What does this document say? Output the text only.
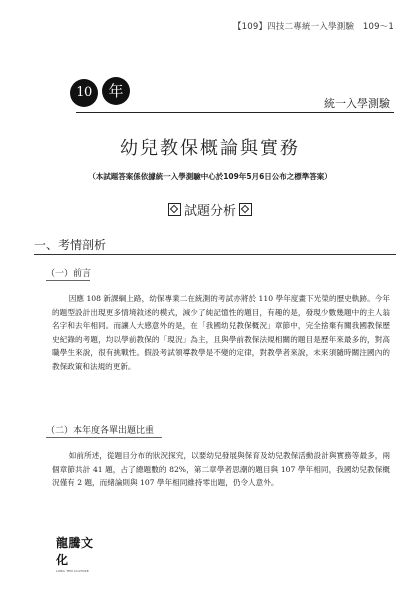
【109】四技二專統一入學測驗　109～1
10	年
統一入學測驗
幼兒教保概論與實務
（本試題答案係依據統一入學測驗中心於109年5月6日公布之標準答案）
試題分析
一、考情剖析
（一）前言
因應 108 新課綱上路，幼保專業二在統測的考試亦將於 110 學年度畫下光榮的歷史軌跡。今年的題型設計出現更多情境敘述的模式，減少了純記憶性的題目，有趣的是，發現少數幾題中的主人翁名字和去年相同。而讓人大感意外的是，在「我國幼兒教保概況」章節中，完全捨棄有關我國教保歷史紀錄的考題，均以學前教保的「現況」為主，且與學前教保法規相關的題目是歷年來最多的，對高職學生來說，很有挑戰性。假設考試領導教學是不變的定律，對教學者來說，未來須隨時關注國內的教保政策和法規的更新。
（二）本年度各單出題比重
如前所述，從題目分布的狀況探究，以要幼兒發展與保育及幼兒教保活動設計與實務等最多，兩個章節共計 41 題，占了總題數的 82%，第二章學者思潮的題目與 107 學年相同，我國幼兒教保概況僅有 2 題，而緒論則與 107 學年相同維持零出題，仍令人意外。
龍騰文化
LUNG TEN CULTURE
